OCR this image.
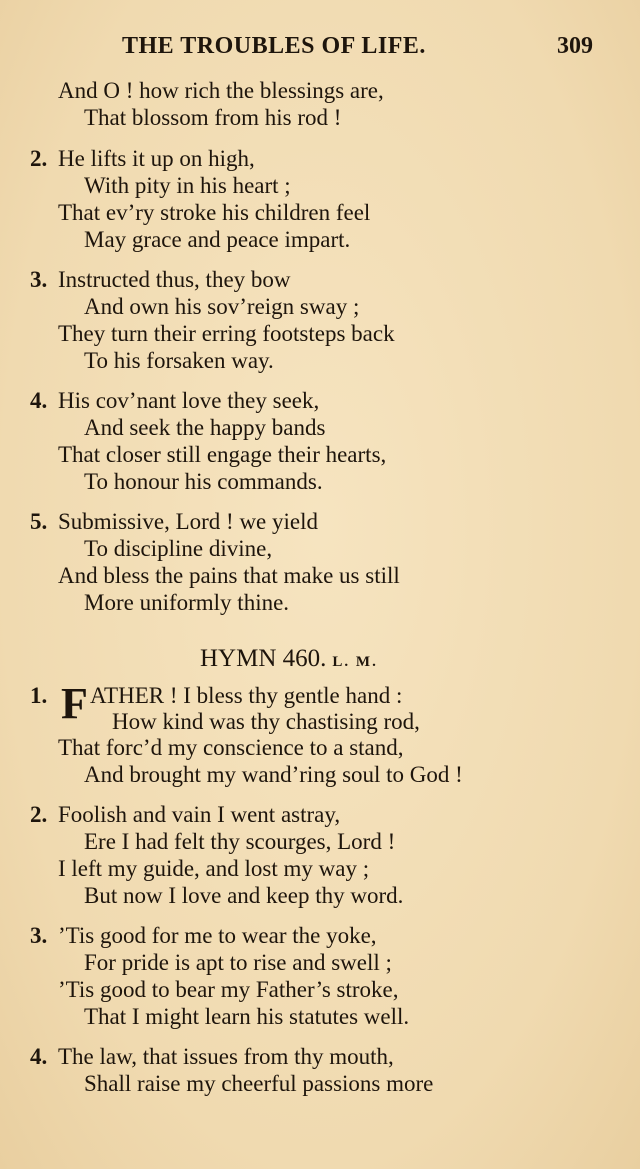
THE TROUBLES OF LIFE.	309
And O ! how rich the blessings are,
That blossom from his rod !
2. He lifts it up on high,
With pity in his heart ;
That ev’ry stroke his children feel
May grace and peace impart.
3. Instructed thus, they bow
And own his sov’reign sway ;
They turn their erring footsteps back
To his forsaken way.
4. His cov’nant love they seek,
And seek the happy bands
That closer still engage their hearts,
To honour his commands.
5. Submissive, Lord ! we yield
To discipline divine,
And bless the pains that make us still
More uniformly thine.
HYMN 460. L. M.
1. F ATHER ! I bless thy gentle hand :
How kind was thy chastising rod,
That forc’d my conscience to a stand,
And brought my wand’ring soul to God !
2. Foolish and vain I went astray,
Ere I had felt thy scourges, Lord !
I left my guide, and lost my way ;
But now I love and keep thy word.
3. ’Tis good for me to wear the yoke,
For pride is apt to rise and swell ;
’Tis good to bear my Father’s stroke,
That I might learn his statutes well.
4. The law, that issues from thy mouth,
Shall raise my cheerful passions more
